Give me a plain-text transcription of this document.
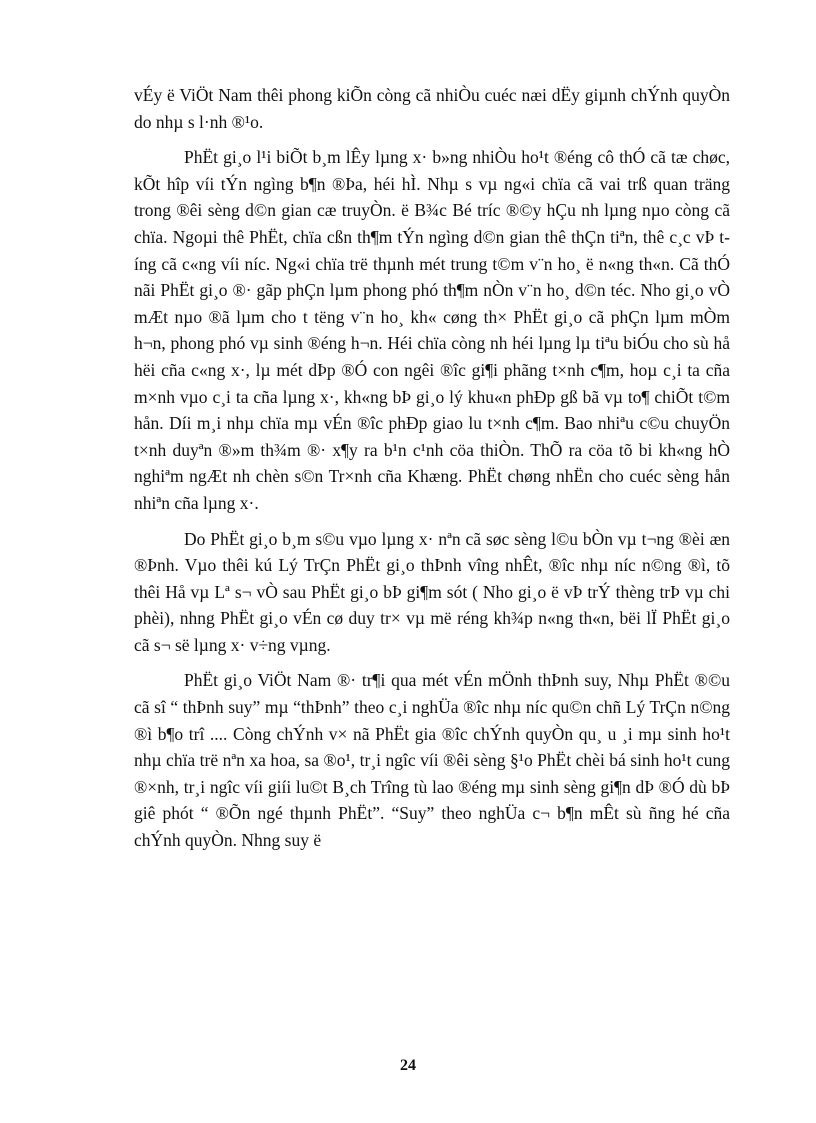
vÉy ë ViÖt Nam thêi phong kiÕn còng cã nhiÒu cuéc næi dËy giµnh chÝnh quyÒn do nhµ s l·nh ®¹o.

PhËt gi¸o l¹i biÕt b¸m lÊy lµng x· b»ng nhiÒu ho¹t ®éng cô thÓ cã tæ chøc, kÕt hîp víi tÝn ngìng b¶n ®Þa, héi hÌ. Nhµ s vµ ng«i chïa cã vai trß quan träng trong ®êi sèng d©n gian cæ truyÒn. ë B¾c Bé tríc ®©y hÇu nh lµng nµo còng cã chïa. Ngoµi thê PhËt, chïa cßn th¶m tÝn ngìng d©n gian thê thÇn tiªn, thê c¸c vÞ tíng cã c«ng víi níc. Ng«i chïa trë thµnh mét trung t©m v¨n ho¸ ë n«ng th«n. Cã thÓ nãi PhËt gi¸o ®· gãp phÇn lµm phong phó th¶m nÒn v¨n ho¸ d©n téc. Nho gi¸o vÒ mÆt nµo ®ã lµm cho t tëng v¨n ho¸ kh« cøng th× PhËt gi¸o cã phÇn lµm mÒm h¬n, phong phó vµ sinh ®éng h¬n. Héi chïa còng nh héi lµng lµ tiªu biÓu cho sù hå hëi cña c«ng x·, lµ mét dÞp ®Ó con ngêi ®îc gi¶i phãng t×nh c¶m, hoµ c¸i ta cña m×nh vµo c¸i ta cña lµng x·, kh«ng bÞ gi¸o lý khu«n phÐp gß bã vµ to¶ chiÕt t©m hån. Díi m¸i nhµ chïa mµ vÉn ®îc phÐp giao lu t×nh c¶m. Bao nhiªu c©u chuyÖn t×nh duyªn ®»m th¾m ®· x¶y ra b¹n c¹nh cöa thiÒn. ThÕ ra cöa tõ bi kh«ng hÒ nghiªm ngÆt nh chèn s©n Tr×nh cña Khæng. PhËt chøng nhËn cho cuéc sèng hån nhiªn cña lµng x·.

Do PhËt gi¸o b¸m s©u vµo lµng x· nªn cã søc sèng l©u bÒn vµ t¬ng ®èi æn ®Þnh. Vµo thêi kú Lý TrÇn PhËt gi¸o thÞnh vîng nhÊt, ®îc nhµ níc n©ng ®ì, tõ thêi Hå vµ Lª s¬ vÒ sau PhËt gi¸o bÞ gi¶m sót ( Nho gi¸o ë vÞ trÝ thèng trÞ vµ chi phèi), nhng PhËt gi¸o vÉn cø duy tr× vµ më réng kh¾p n«ng th«n, bëi lÏ PhËt gi¸o cã s¬ së lµng x· v÷ng vµng.

PhËt gi¸o ViÖt Nam ®· tr¶i qua mét vÉn mÖnh thÞnh suy, Nhµ PhËt ®©u cã sî “ thÞnh suy” mµ “thÞnh” theo c¸i nghÜa ®îc nhµ níc qu©n chñ Lý TrÇn n©ng ®ì b¶o trî .... Còng chÝnh v× nã PhËt gia ®îc chÝnh quyÒn qu¸ u ¸i mµ sinh ho¹t nhµ chïa trë nªn xa hoa, sa ®o¹, tr¸i ngîc víi ®êi sèng §¹o PhËt chèi bá sinh ho¹t cung ®×nh, tr¸i ngîc víi giíi lu©t B¸ch Trîng tù lao ®éng mµ sinh sèng gi¶n dÞ ®Ó dù bÞ giê phót “ ®Õn ngé thµnh PhËt”. “Suy” theo nghÜa c¬ b¶n mÊt sù ñng hé cña chÝnh quyÒn. Nhng suy ë

24
